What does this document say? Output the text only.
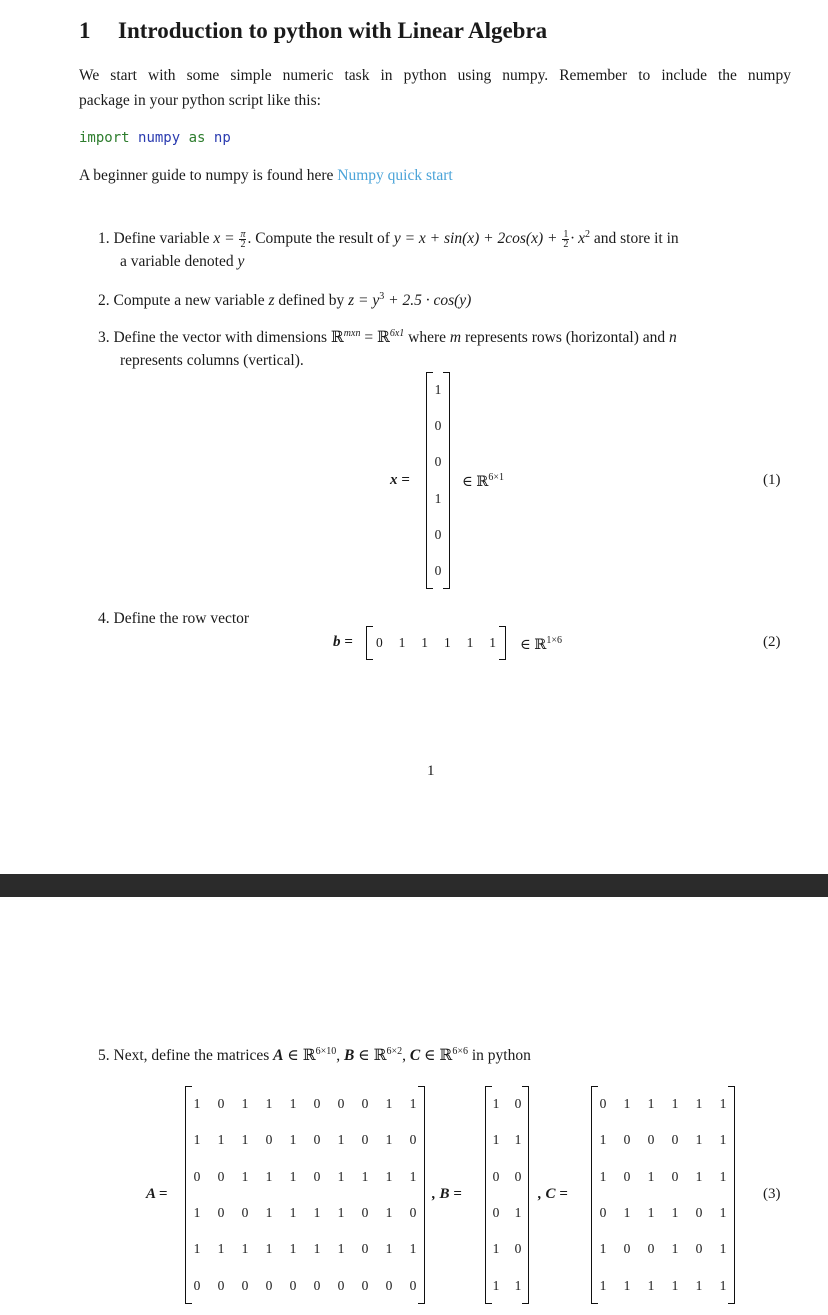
1 Introduction to python with Linear Algebra
We start with some simple numeric task in python using numpy. Remember to include the numpy
package in your python script like this:
import numpy as np
A beginner guide to numpy is found here Numpy quick start
1. Define variable $x = \frac{\pi}{2}$ . Compute the result of $y = x + \sin(x) + 2\cos(x) + \frac{1}{2} \cdot x^2$ and store it in
a variable denoted y
2. Compute a new variable z defined by $z = y^3 + 2.5 \cdot \cos(y)$
3. Define the vector with dimensions ℝ$^{mxn}$ = ℝ$^{6x1}$ where m represents rows (horizontal) and n
represents columns (vertical).
x =
1
0
0
1
0
0
∈ ℝ$^{6\times 1}$	(1)
4. Define the row vector
b = 0 1 1 1 1 1 ∈ ℝ$^{1\times 6}$	(2)
1
5. Next, define the matrices A ∈ ℝ$^{6\times 10}$, B ∈ ℝ$^{6\times 2}$, C ∈ ℝ$^{6\times 6}$ in python
A =
1 0 1 1 1 0 0 0 1 1
1 1 1 0 1 0 1 0 1 0
0 0 1 1 1 0 1 1 1 1
1 0 0 1 1 1 1 0 1 0
1 1 1 1 1 1 1 0 1 1
0 0 0 0 0 0 0 0 0 0
, B =
1 0
1 1
0 0
0 1
1 0
1 1
, C =
0 1 1 1 1 1
1 0 0 0 1 1
1 0 1 0 1 1
0 1 1 1 0 1
1 0 0 1 0 1
1 1 1 1 1 1
(3)
